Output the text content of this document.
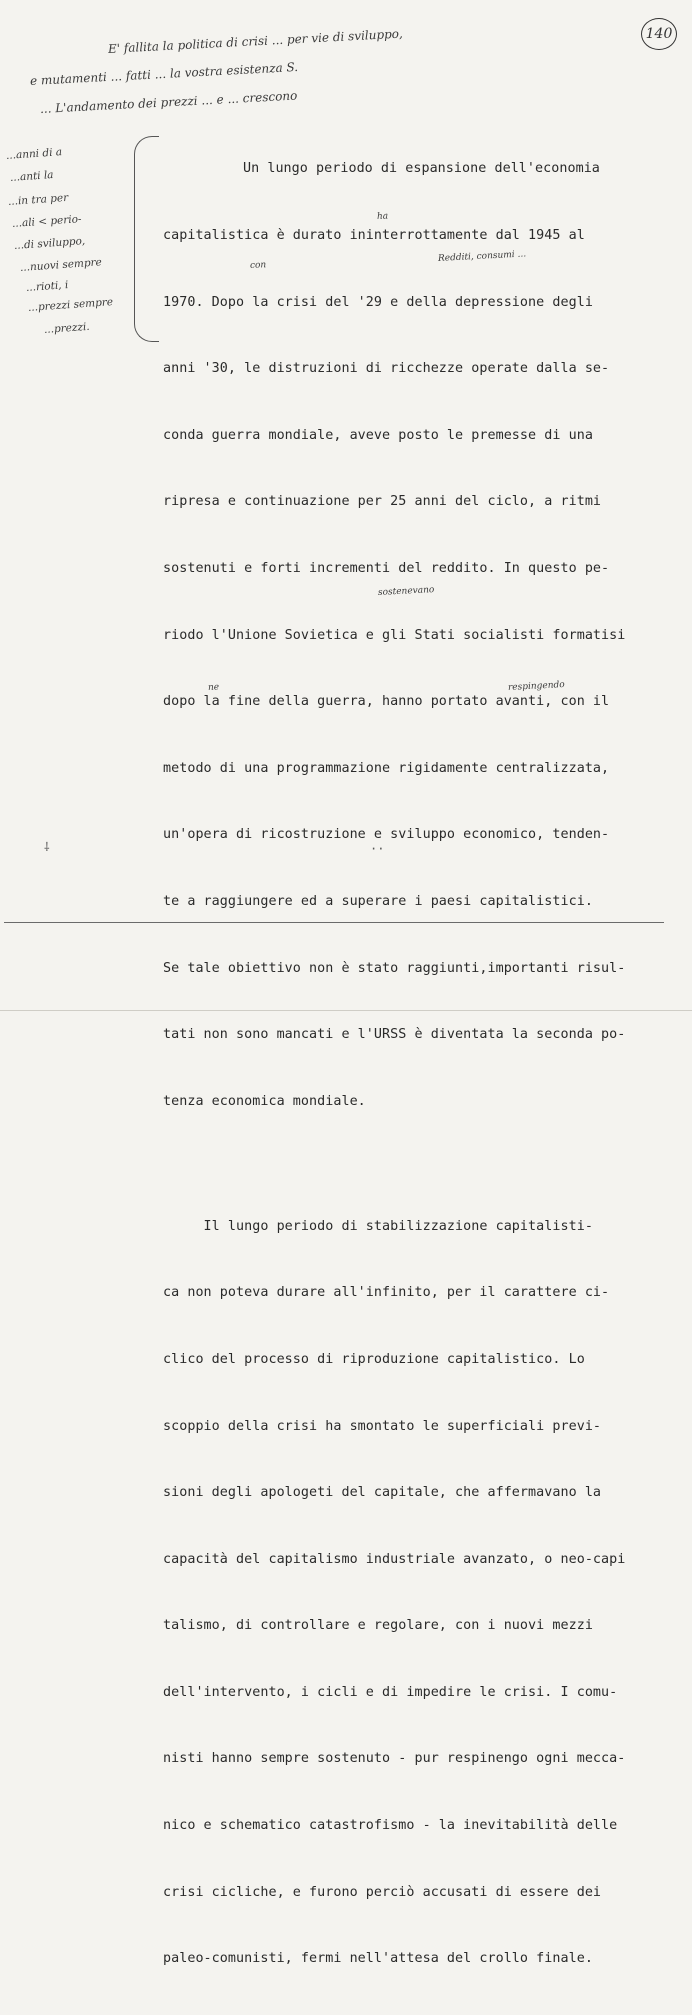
140
E' fallita la politica di crisi ... per vie di sviluppo,
e mutamenti ... fatti ... la vostra esistenza S.
... L'andamento dei prezzi ... e ... crescono
...anni di a
...anti la
...in tra per
...ali < perio-
...di sviluppo,
...nuovi sempre
...rioti, i
...prezzi sempre
...prezzi.
ha
con
Redditi, consumi ...
sostenevano
ne	respingendo

Un lungo periodo di espansione dell'economia

capitalistica è durato ininterrottamente dal 1945 al

1970. Dopo la crisi del '29 e della depressione degli

anni '30, le distruzioni di ricchezze operate dalla se-

conda guerra mondiale, aveve posto le premesse di una

ripresa e continuazione per 25 anni del ciclo, a ritmi

sostenuti e forti incrementi del reddito. In questo pe-

riodo l'Unione Sovietica e gli Stati socialisti formatisi

dopo la fine della guerra, hanno portato avanti, con il

metodo di una programmazione rigidamente centralizzata,

un'opera di ricostruzione e sviluppo economico, tenden-

te a raggiungere ed a superare i paesi capitalistici.

Se tale obiettivo non è stato raggiunti,importanti risul-

tati non sono mancati e l'URSS è diventata la seconda po-

tenza economica mondiale.

Il lungo periodo di stabilizzazione capitalisti-

ca non poteva durare all'infinito, per il carattere ci-

clico del processo di riproduzione capitalistico. Lo

scoppio della crisi ha smontato le superficiali previ-

sioni degli apologeti del capitale, che affermavano la

capacità del capitalismo industriale avanzato, o neo-capi

talismo, di controllare e regolare, con i nuovi mezzi

dell'intervento, i cicli e di impedire le crisi. I comu-

nisti hanno sempre sostenuto - pur respinengo ogni mecca-

nico e schematico catastrofismo - la inevitabilità delle

crisi cicliche, e furono perciò accusati di essere dei

paleo-comunisti, fermi nell'attesa del crollo finale.

⸸	··
